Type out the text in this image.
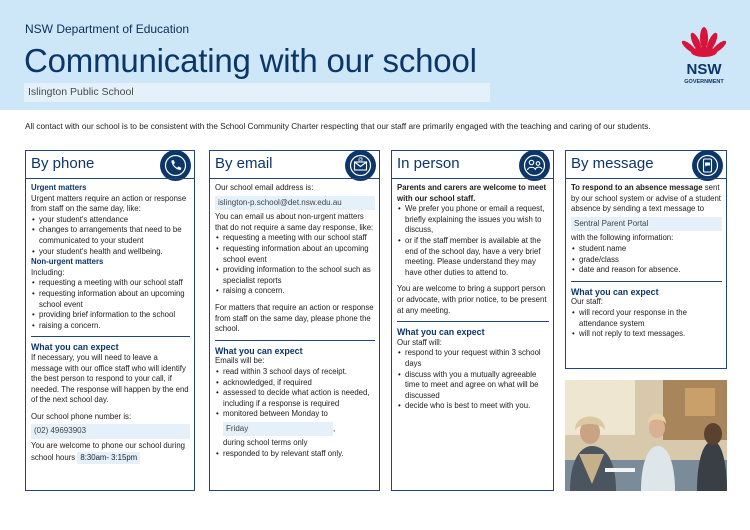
NSW Department of Education
Communicating with our school
Islington Public School
NSW
GOVERNMENT
All contact with our school is to be consistent with the School Community Charter respecting that our staff are primarily engaged with the teaching and caring of our students.
By phone
Urgent matters
Urgent matters require an action or response from staff on the same day, like:
• your student's attendance
• changes to arrangements that need to be communicated to your student
• your student's health and wellbeing.
Non-urgent matters
Including:
• requesting a meeting with our school staff
• requesting information about an upcoming school event
• providing brief information to the school
• raising a concern.
What you can expect
If necessary, you will need to leave a message with our office staff who will identify the best person to respond to your call, if needed. The response will happen by the end of the next school day.
Our school phone number is:
(02) 49693903
You are welcome to phone our school during school hours 8:30am- 3:15pm
By email	@
Our school email address is:
islington-p.school@det.nsw.edu.au
You can email us about non-urgent matters that do not require a same day response, like:
• requesting a meeting with our school staff
• requesting information about an upcoming school event
• providing information to the school such as specialist reports
• raising a concern.
For matters that require an action or response from staff on the same day, please phone the school.
What you can expect
Emails will be:
• read within 3 school days of receipt.
• acknowledged, if required
• assessed to decide what action is needed, including if a response is required
• monitored between Monday toFriday	,
during school terms only
• responded to by relevant staff only.
In person
Parents and carers are welcome to meet with our school staff.
• We prefer you phone or email a request, briefly explaining the issues you wish to discuss,
• or if the staff member is available at the end of the school day, have a very brief meeting. Please understand they may have other duties to attend to.
You are welcome to bring a support person or advocate, with prior notice, to be present at any meeting.
What you can expect
Our staff will:
• respond to your request within 3 school days
• discuss with you a mutually agreeable time to meet and agree on what will be discussed
• decide who is best to meet with you.
By message
To respond to an absence message sent by our school system or advise of a student absence by sending a text message to
Sentral Parent Portal
with the following information:
• student name
• grade/class
• date and reason for absence.
What you can expect
Our staff:
• will record your response in the attendance system
• will not reply to text messages.
